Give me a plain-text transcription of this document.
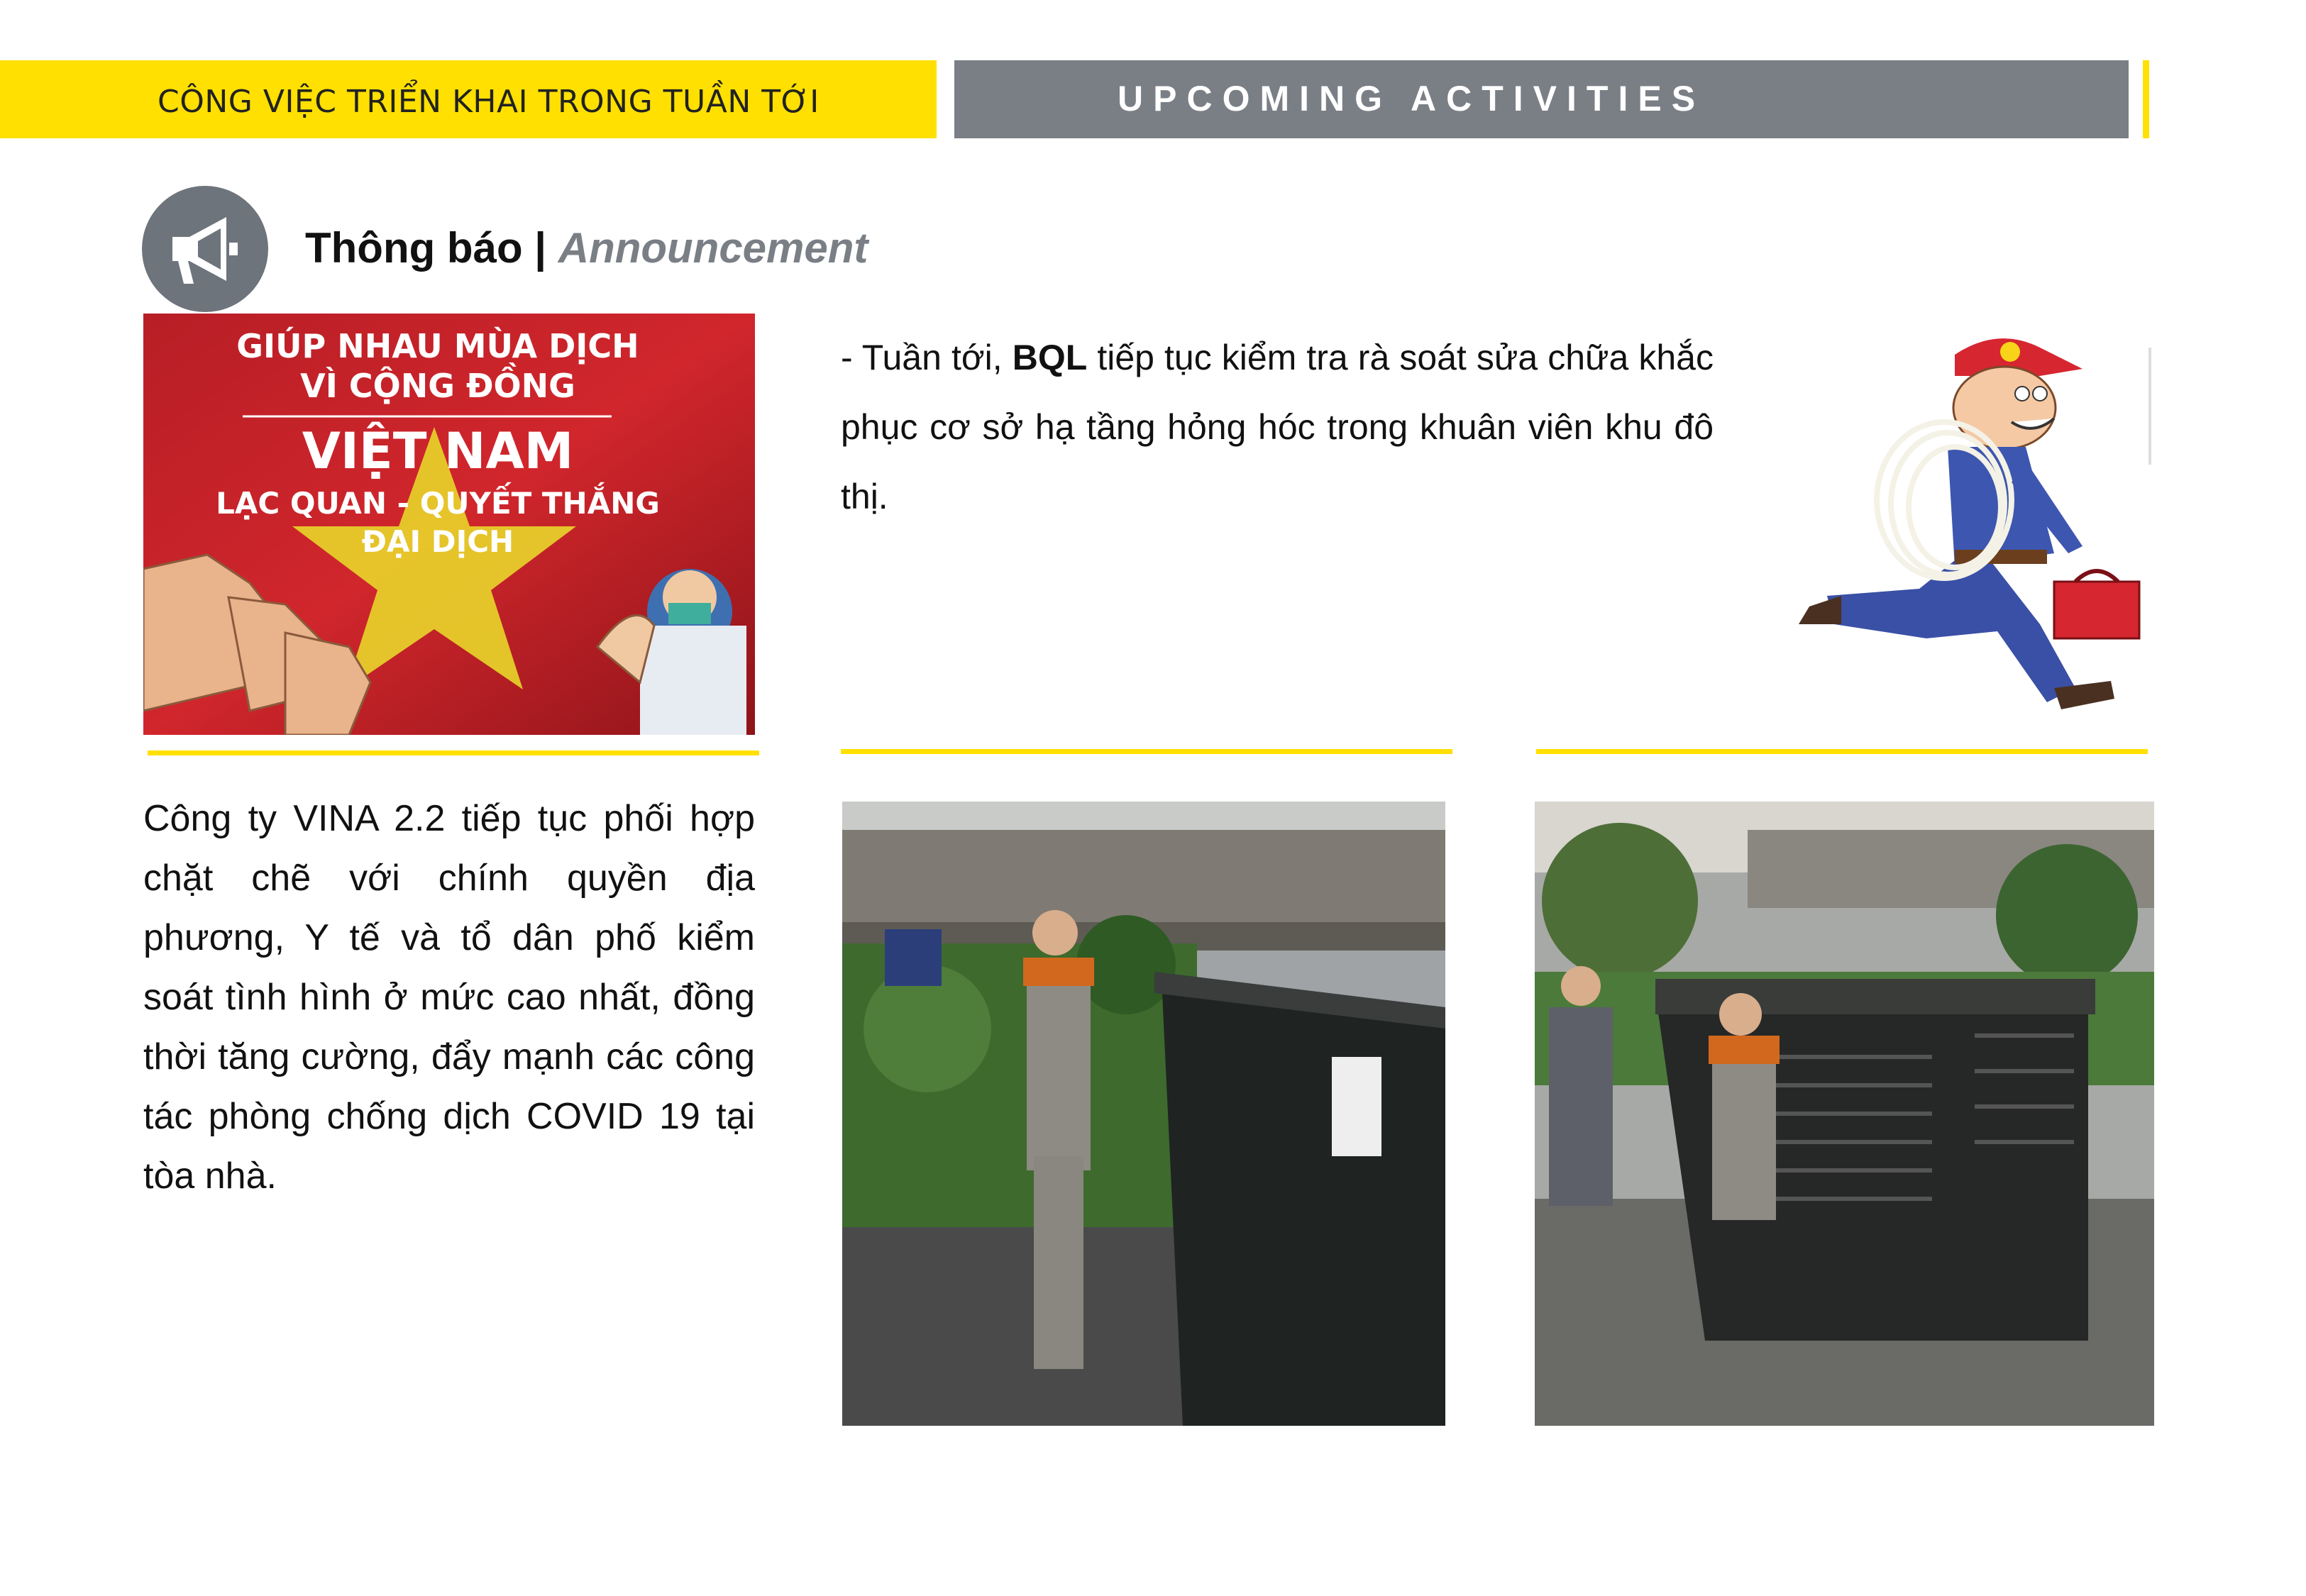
CÔNG VIỆC TRIỂN KHAI TRONG TUẦN TỚI	UPCOMING ACTIVITIES
Thông báo | Announcement
GIÚP NHAU MÙA DỊCH
VÌ CỘNG ĐỒNG
VIỆT NAM
LẠC QUAN - QUYẾT THẮNG
ĐẠI DỊCH
- Tuần tới, BQL tiếp tục kiểm tra rà soát sửa chữa khắc phục cơ sở hạ tầng hỏng hóc trong khuân viên khu đô thị.
Công ty VINA 2.2 tiếp tục phối hợp chặt chẽ với chính quyền địa phương, Y tế và tổ dân phố kiểm soát tình hình ở mức cao nhất, đồng thời tăng cường, đẩy mạnh các công tác phòng chống dịch COVID 19 tại tòa nhà.
